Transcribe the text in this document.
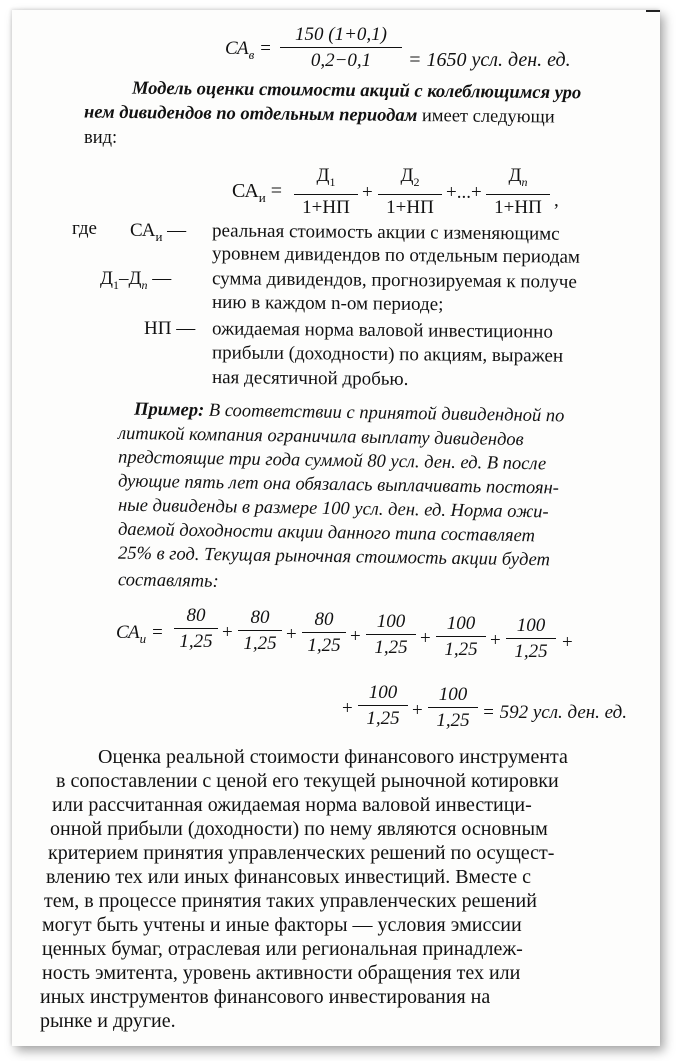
$СА_в$ =
150 (1+0,1)
0,2−0,1	= 1650 усл. ден. ед.
Модель оценки стоимости акций с колеблющимся уро
нем дивидендов по отдельным периодам имеет следующи
вид:
$СА_и$ =
$Д_1$
1+НП
+
$Д_2$
1+НП
+...+
$Д_n$
1+НП ,
где $СА_и$ — реальная стоимость акции с изменяющимс
уровнем дивидендов по отдельным периодам
$Д_1-Д_n$ — сумма дивидендов, прогнозируемая к получе
нию в каждом n-ом периоде;
НП — ожидаемая норма валовой инвестиционно
прибыли (доходности) по акциям, выражен
ная десятичной дробью.
Пример: В соответствии с принятой дивидендной по
литикой компания ограничила выплату дивидендов
предстоящие три года суммой 80 усл. ден. ед. В после
дующие пять лет она обязалась выплачивать постоян-
ные дивиденды в размере 100 усл. ден. ед. Норма ожи-
даемой доходности акции данного типа составляет
25% в год. Текущая рыночная стоимость акции будет
составлять:
$СА_и$ =
80
1,25 +
80
1,25 +
80
1,25 +
100
1,25 +
100
1,25 +
100
1,25 +
+
100
1,25 +
100
1,25 = 592 усл. ден. ед.
Оценка реальной стоимости финансового инструмента
в сопоставлении с ценой его текущей рыночной котировки
или рассчитанная ожидаемая норма валовой инвестици-
онной прибыли (доходности) по нему являются основным
критерием принятия управленческих решений по осущест-
влению тех или иных финансовых инвестиций. Вместе с
тем, в процессе принятия таких управленческих решений
могут быть учтены и иные факторы — условия эмиссии
ценных бумаг, отраслевая или региональная принадлеж-
ность эмитента, уровень активности обращения тех или
иных инструментов финансового инвестирования на
рынке и другие.
